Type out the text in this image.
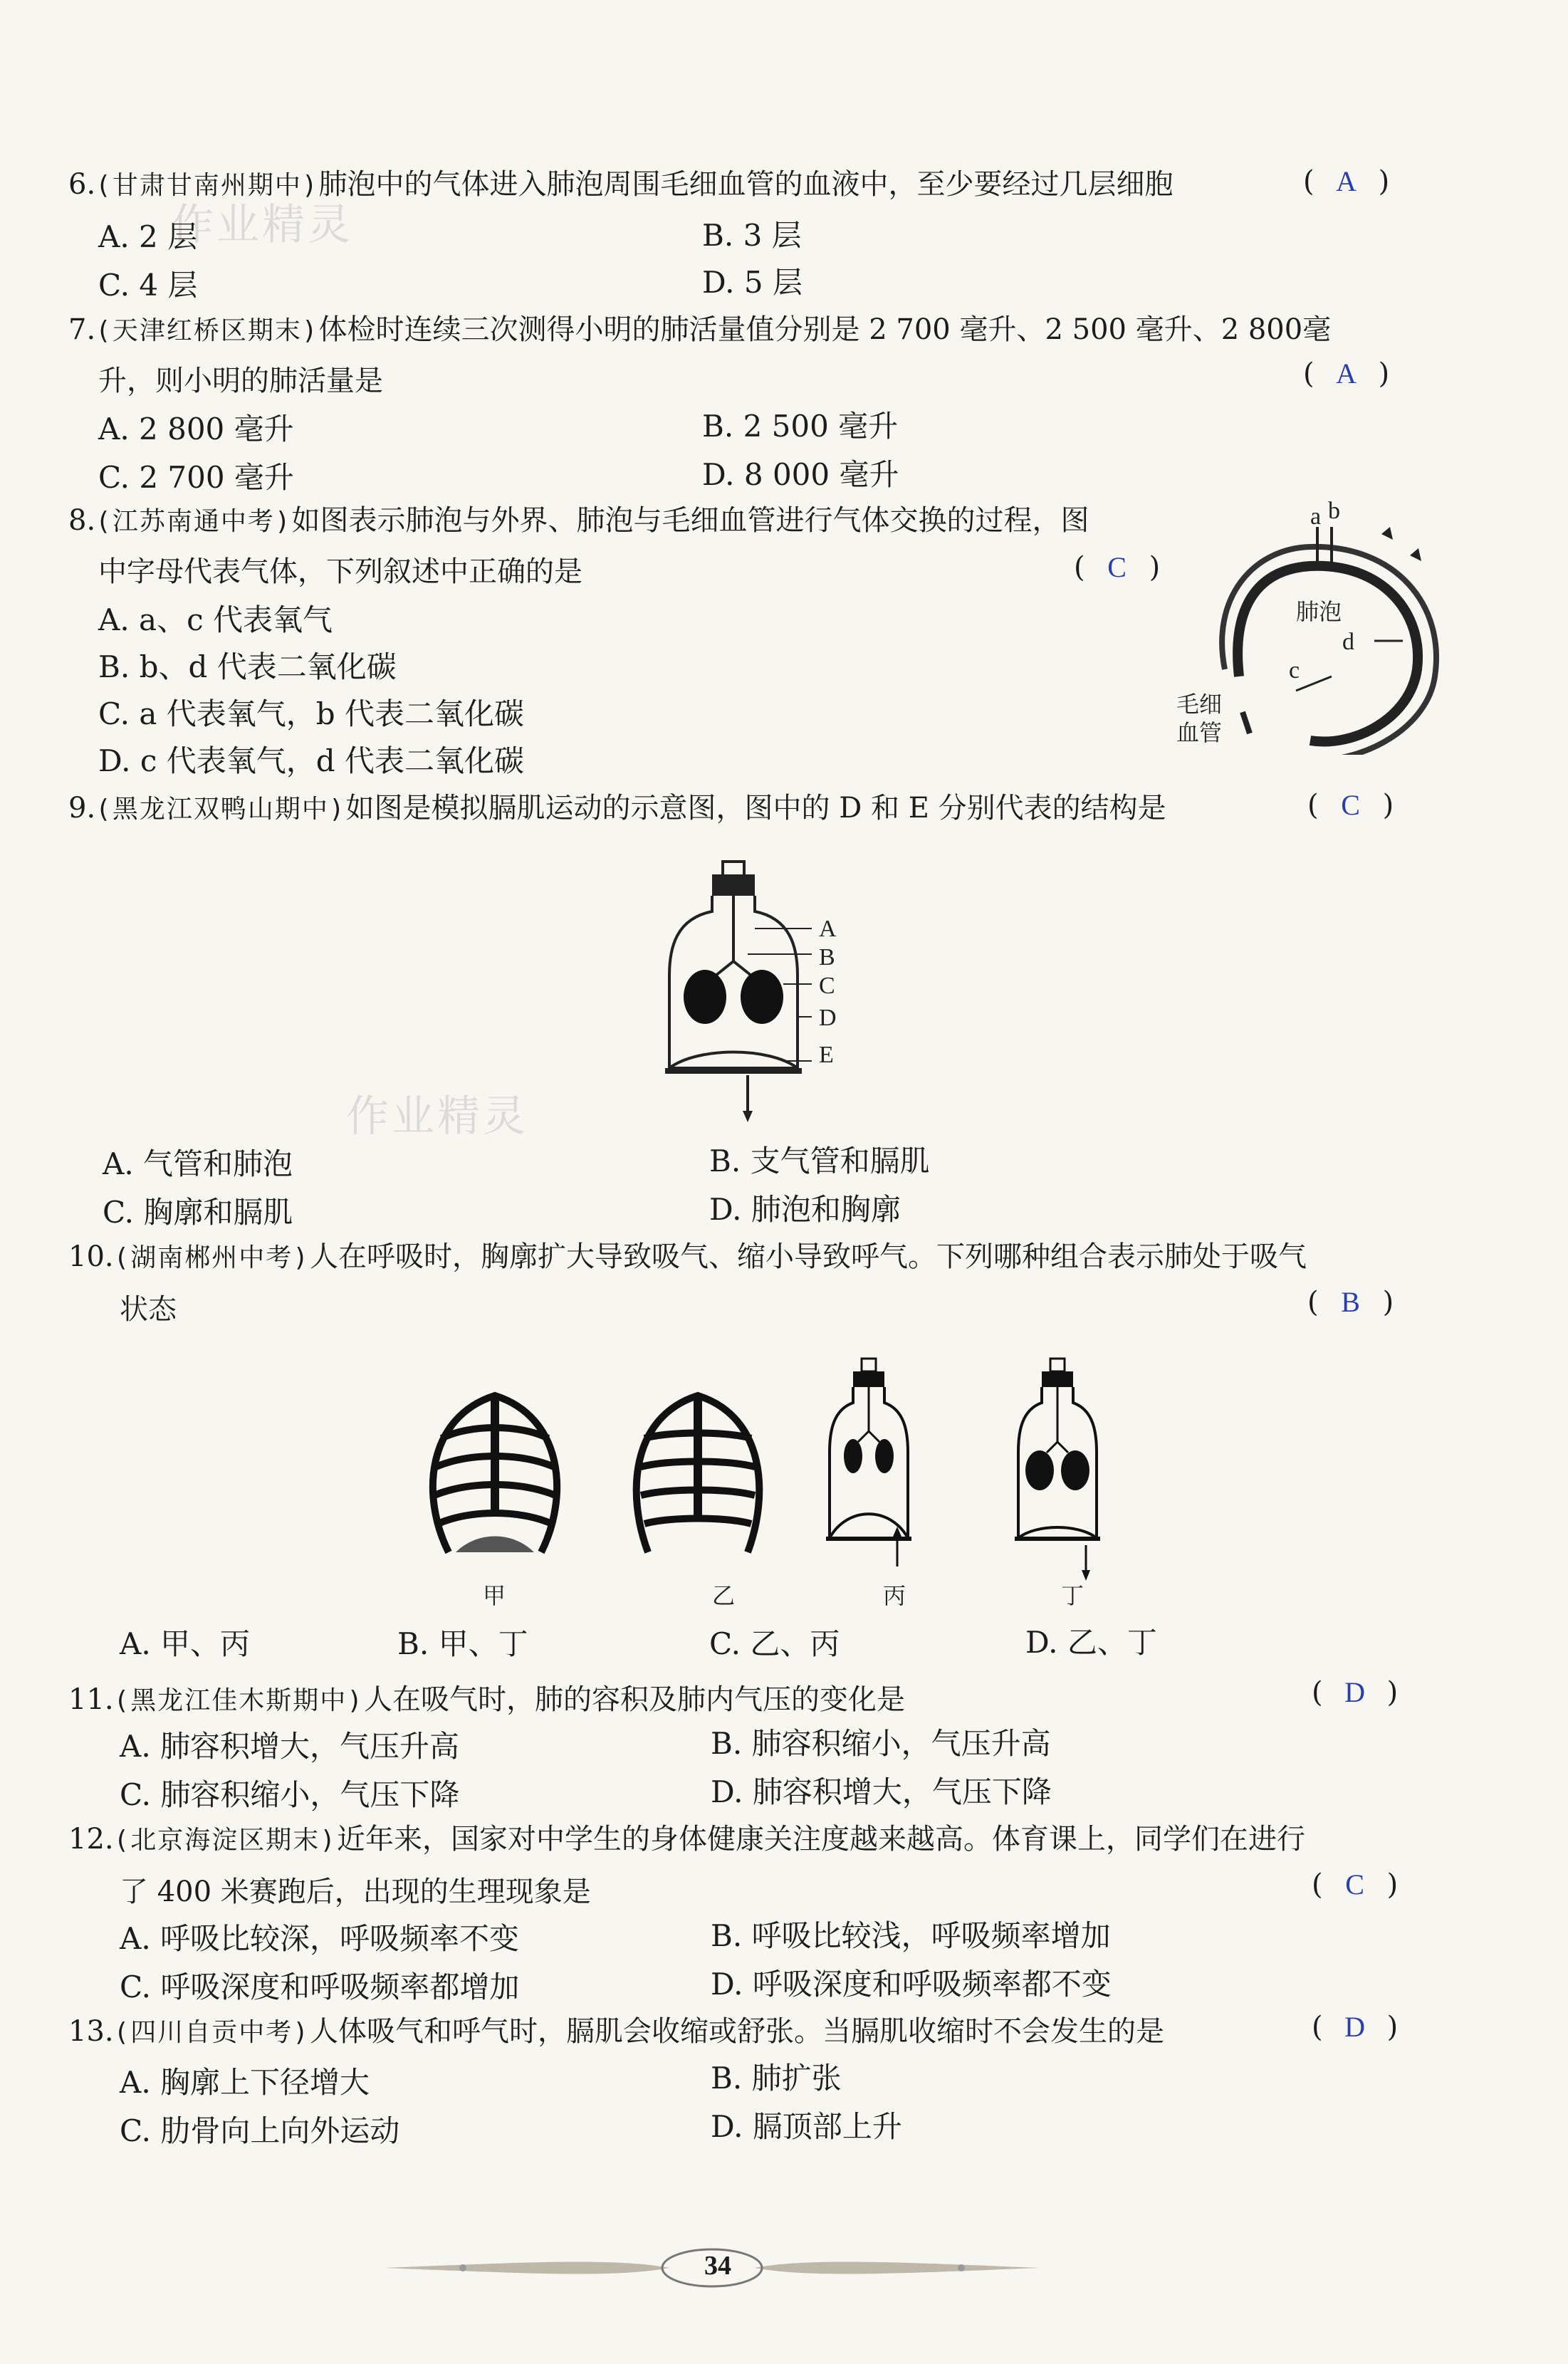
作业精灵
作业精灵
6.(甘肃甘南州期中)肺泡中的气体进入肺泡周围毛细血管的血液中，至少要经过几层细胞	( A )
A. 2 层	B. 3 层
C. 4 层	D. 5 层
7.(天津红桥区期末)体检时连续三次测得小明的肺活量值分别是 2 700 毫升、2 500 毫升、2 800毫
升，则小明的肺活量是	( A )
A. 2 800 毫升	B. 2 500 毫升
C. 2 700 毫升	D. 8 000 毫升
8.(江苏南通中考)如图表示肺泡与外界、肺泡与毛细血管进行气体交换的过程，图
中字母代表气体，下列叙述中正确的是	( C )
A. a、c 代表氧气
B. b、d 代表二氧化碳
C. a 代表氧气，b 代表二氧化碳
D. c 代表氧气，d 代表二氧化碳
a b
c
d
肺泡
毛细
血管
9.(黑龙江双鸭山期中)如图是模拟膈肌运动的示意图，图中的 D 和 E 分别代表的结构是	( C )
A
B
C
D
E
A. 气管和肺泡	B. 支气管和膈肌
C. 胸廓和膈肌	D. 肺泡和胸廓
10.(湖南郴州中考)人在呼吸时，胸廓扩大导致吸气、缩小导致呼气。下列哪种组合表示肺处于吸气
状态	( B )
甲	乙	丙	丁
A. 甲、丙	B. 甲、丁	C. 乙、丙	D. 乙、丁
11.(黑龙江佳木斯期中)人在吸气时，肺的容积及肺内气压的变化是	( D )
A. 肺容积增大，气压升高	B. 肺容积缩小，气压升高
C. 肺容积缩小，气压下降	D. 肺容积增大，气压下降
12.(北京海淀区期末)近年来，国家对中学生的身体健康关注度越来越高。体育课上，同学们在进行
了 400 米赛跑后，出现的生理现象是	( C )
A. 呼吸比较深，呼吸频率不变	B. 呼吸比较浅，呼吸频率增加
C. 呼吸深度和呼吸频率都增加	D. 呼吸深度和呼吸频率都不变
13.(四川自贡中考)人体吸气和呼气时，膈肌会收缩或舒张。当膈肌收缩时不会发生的是	( D )
A. 胸廓上下径增大	B. 肺扩张
C. 肋骨向上向外运动	D. 膈顶部上升
34
